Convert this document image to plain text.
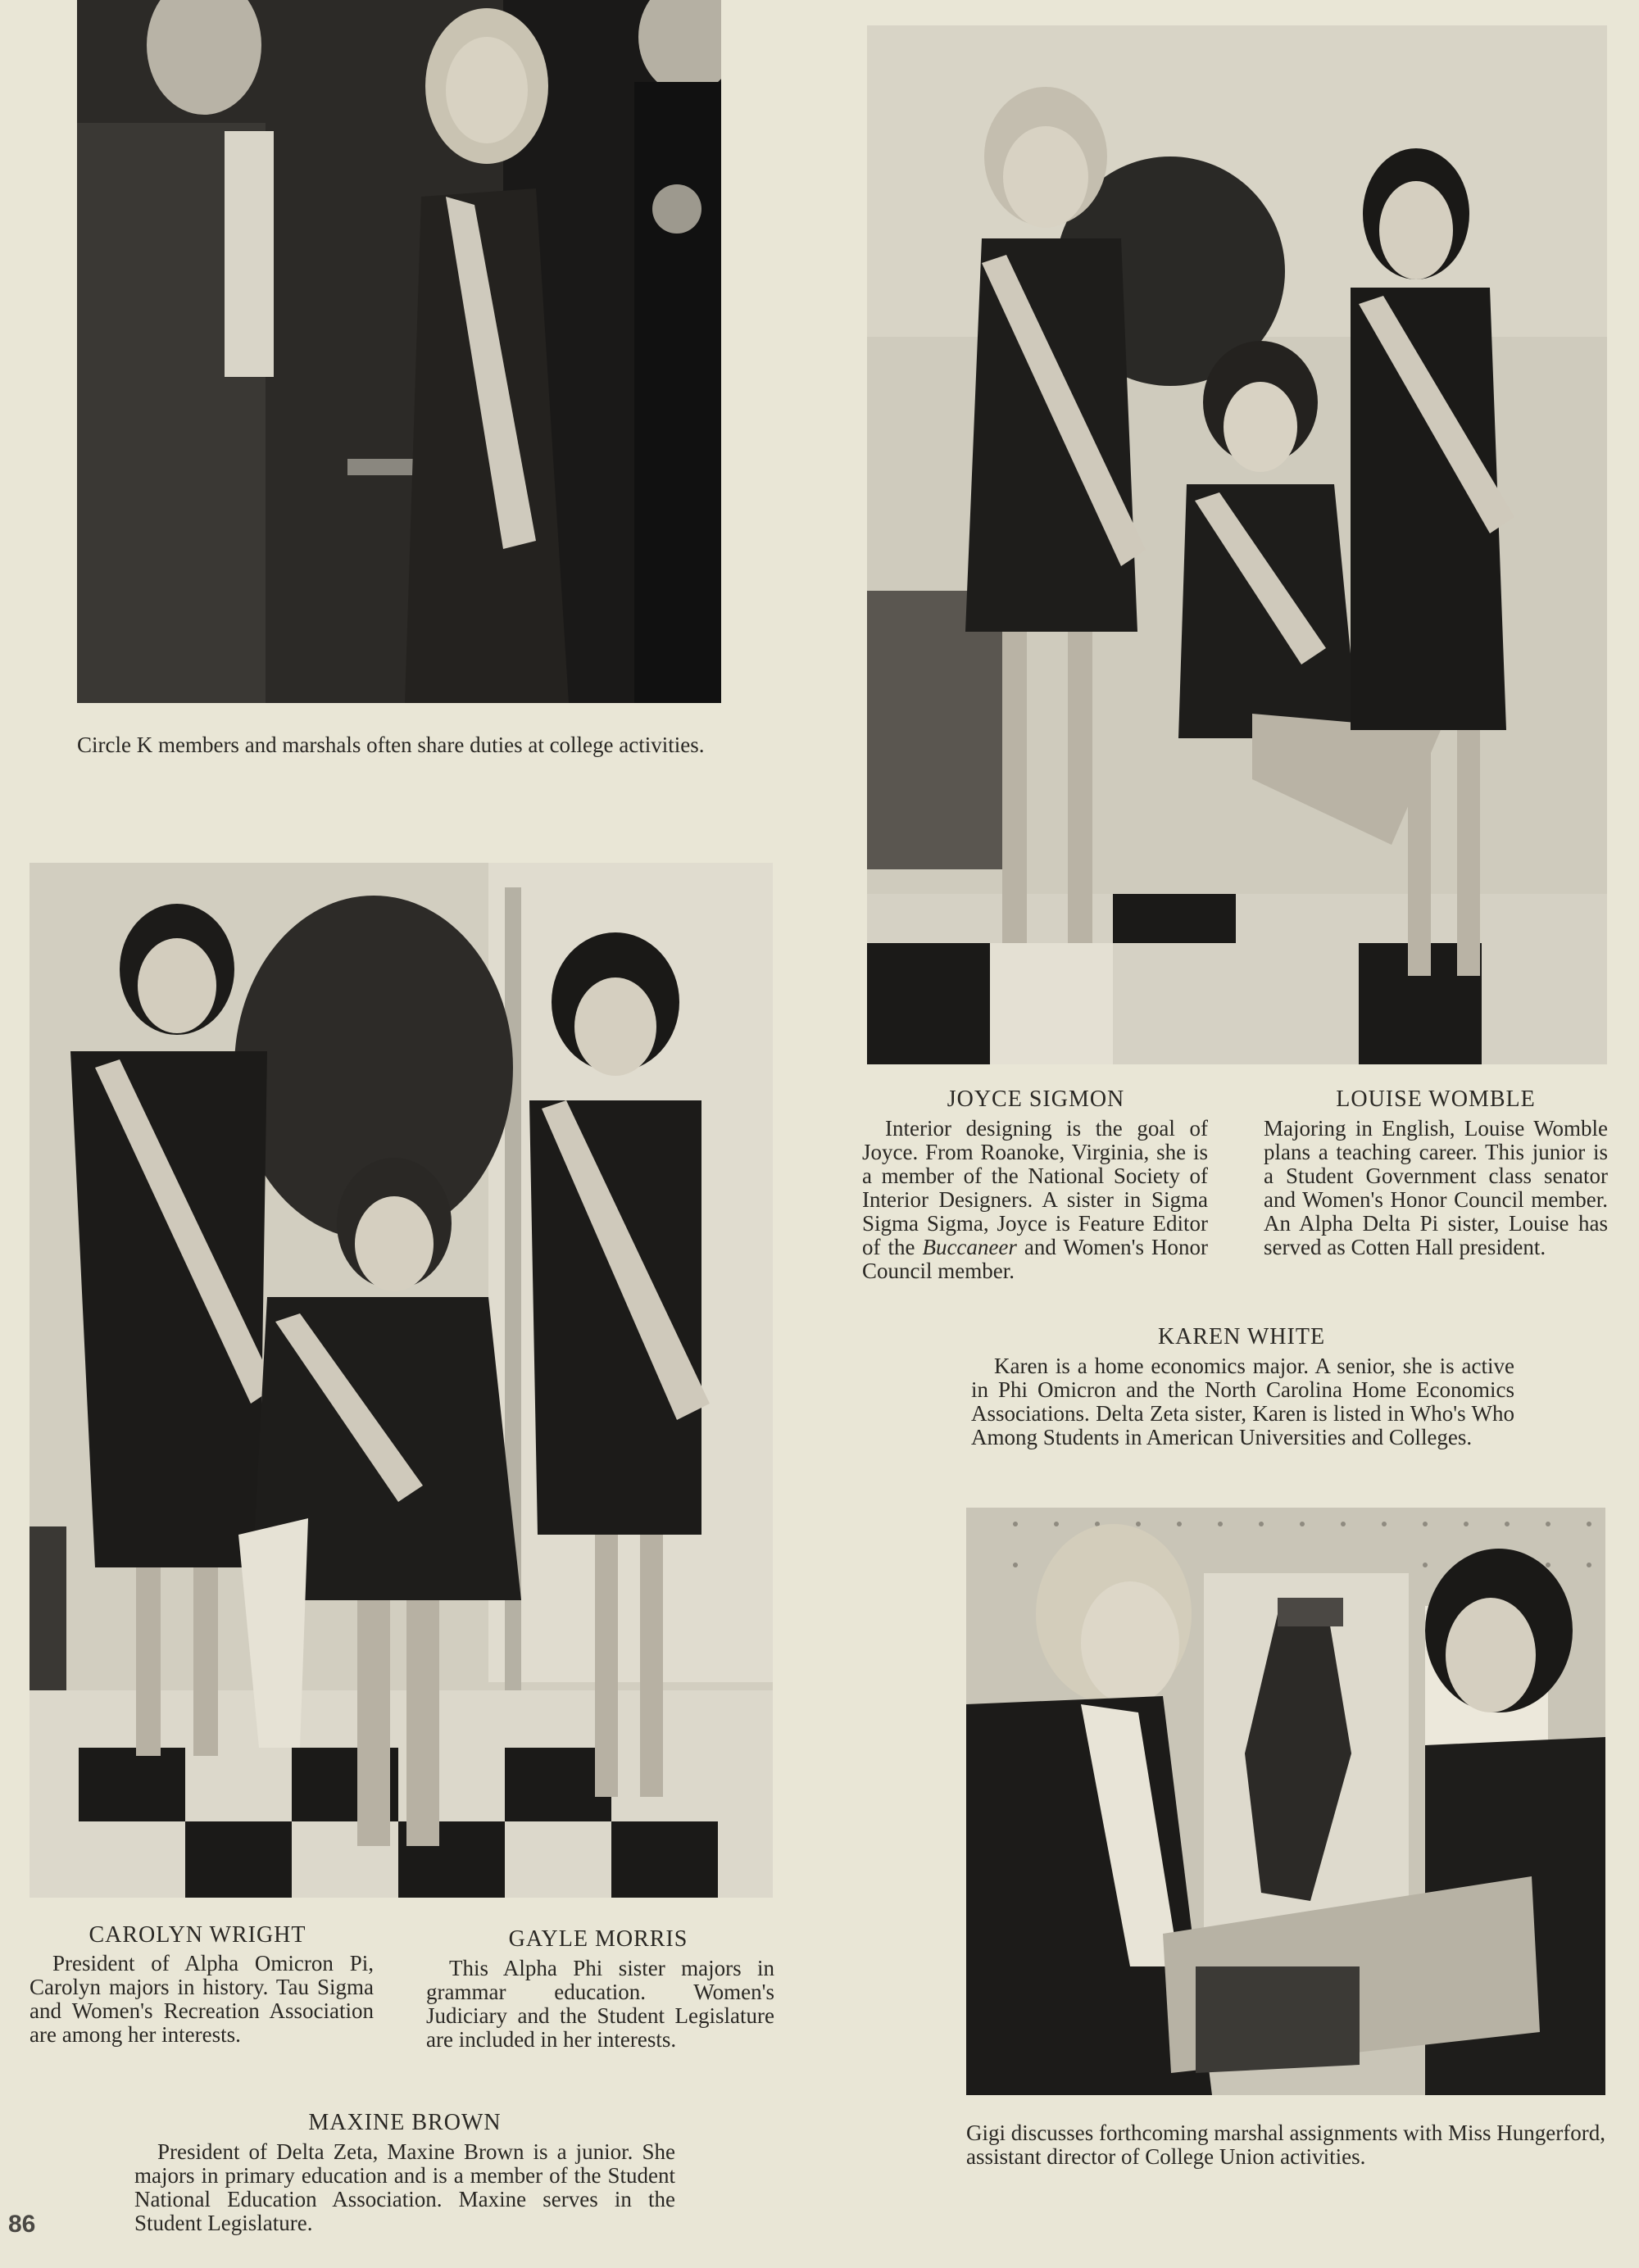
Circle K members and marshals often share duties at college activities.

JOYCE SIGMON

Interior designing is the goal of Joyce. From Roanoke, Virginia, she is a member of the National Society of Interior Designers. A sister in Sigma Sigma Sigma, Joyce is Feature Editor of the Buccaneer and Women's Honor Council member.

LOUISE WOMBLE

Majoring in English, Louise Womble plans a teaching career. This junior is a Student Government class senator and Women's Honor Council member. An Alpha Delta Pi sister, Louise has served as Cotten Hall president.

KAREN WHITE

Karen is a home economics major. A senior, she is active in Phi Omicron and the North Carolina Home Economics Associations. Delta Zeta sister, Karen is listed in Who's Who Among Students in American Universities and Colleges.

CAROLYN WRIGHT

President of Alpha Omicron Pi, Carolyn majors in history. Tau Sigma and Women's Recreation Association are among her interests.

GAYLE MORRIS

This Alpha Phi sister majors in grammar education. Women's Judiciary and the Student Legislature are included in her interests.

MAXINE BROWN

President of Delta Zeta, Maxine Brown is a junior. She majors in primary education and is a member of the Student National Education Association. Maxine serves in the Student Legislature.

Gigi discusses forthcoming marshal assignments with Miss Hungerford, assistant director of College Union activities.

86
